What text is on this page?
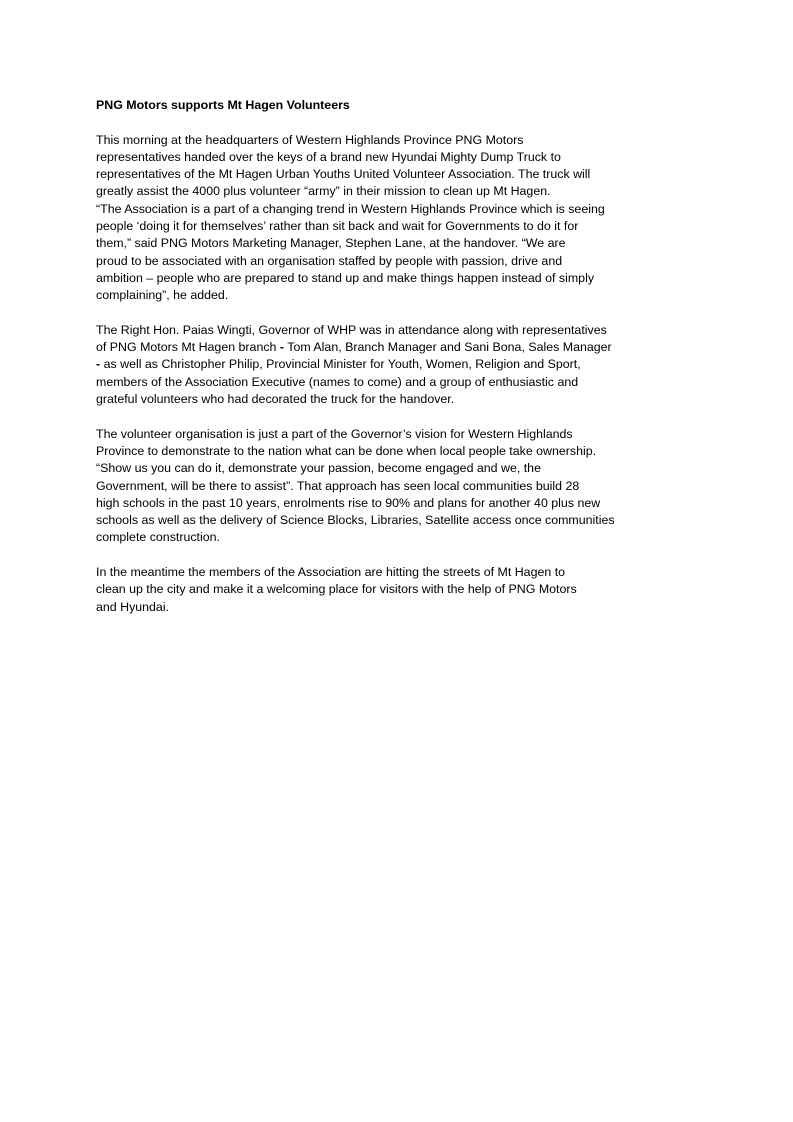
PNG Motors supports Mt Hagen Volunteers
This morning at the headquarters of Western Highlands Province PNG Motors
representatives handed over the keys of a brand new Hyundai Mighty Dump Truck to
representatives of the Mt Hagen Urban Youths United Volunteer Association. The truck will
greatly assist the 4000 plus volunteer “army” in their mission to clean up Mt Hagen.
“The Association is a part of a changing trend in Western Highlands Province which is seeing
people ‘doing it for themselves’ rather than sit back and wait for Governments to do it for
them,” said PNG Motors Marketing Manager, Stephen Lane, at the handover. “We are
proud to be associated with an organisation staffed by people with passion, drive and
ambition – people who are prepared to stand up and make things happen instead of simply
complaining”, he added.
The Right Hon. Paias Wingti, Governor of WHP was in attendance along with representatives
of PNG Motors Mt Hagen branch - Tom Alan, Branch Manager and Sani Bona, Sales Manager
- as well as Christopher Philip, Provincial Minister for Youth, Women, Religion and Sport,
members of the Association Executive (names to come) and a group of enthusiastic and
grateful volunteers who had decorated the truck for the handover.
The volunteer organisation is just a part of the Governor’s vision for Western Highlands
Province to demonstrate to the nation what can be done when local people take ownership.
“Show us you can do it, demonstrate your passion, become engaged and we, the
Government, will be there to assist”. That approach has seen local communities build 28
high schools in the past 10 years, enrolments rise to 90% and plans for another 40 plus new
schools as well as the delivery of Science Blocks, Libraries, Satellite access once communities
complete construction.
In the meantime the members of the Association are hitting the streets of Mt Hagen to
clean up the city and make it a welcoming place for visitors with the help of PNG Motors
and Hyundai.
